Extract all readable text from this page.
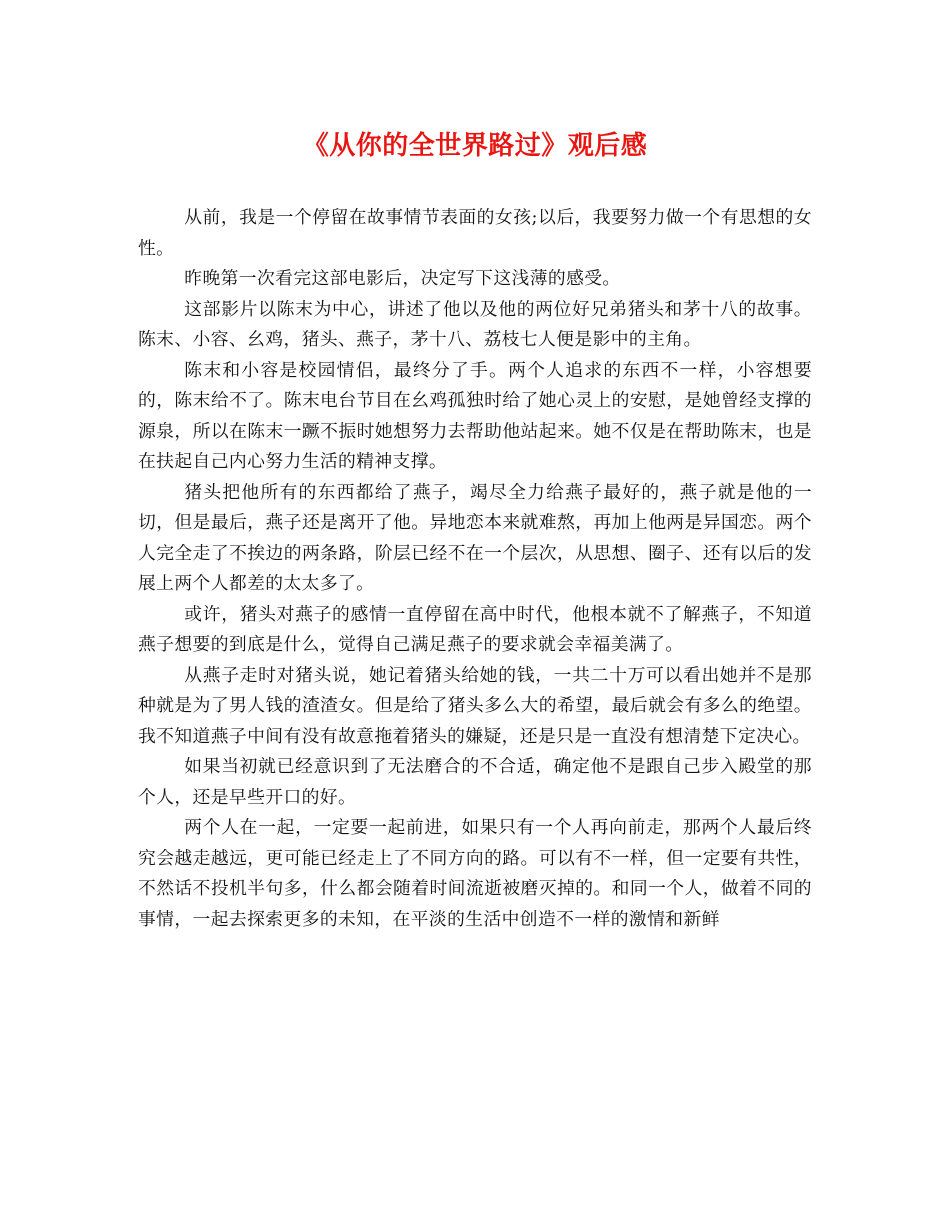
《从你的全世界路过》观后感

从前，我是一个停留在故事情节表面的女孩;以后，我要努力做一个有思想的女性。

昨晚第一次看完这部电影后，决定写下这浅薄的感受。

这部影片以陈末为中心，讲述了他以及他的两位好兄弟猪头和茅十八的故事。陈末、小容、幺鸡，猪头、燕子，茅十八、荔枝七人便是影中的主角。

陈末和小容是校园情侣，最终分了手。两个人追求的东西不一样，小容想要的，陈末给不了。陈末电台节目在幺鸡孤独时给了她心灵上的安慰，是她曾经支撑的源泉，所以在陈末一蹶不振时她想努力去帮助他站起来。她不仅是在帮助陈末，也是在扶起自己内心努力生活的精神支撑。

猪头把他所有的东西都给了燕子，竭尽全力给燕子最好的，燕子就是他的一切，但是最后，燕子还是离开了他。异地恋本来就难熬，再加上他两是异国恋。两个人完全走了不挨边的两条路，阶层已经不在一个层次，从思想、圈子、还有以后的发展上两个人都差的太太多了。

或许，猪头对燕子的感情一直停留在高中时代，他根本就不了解燕子，不知道燕子想要的到底是什么，觉得自己满足燕子的要求就会幸福美满了。

从燕子走时对猪头说，她记着猪头给她的钱，一共二十万可以看出她并不是那种就是为了男人钱的渣渣女。但是给了猪头多么大的希望，最后就会有多么的绝望。我不知道燕子中间有没有故意拖着猪头的嫌疑，还是只是一直没有想清楚下定决心。

如果当初就已经意识到了无法磨合的不合适，确定他不是跟自己步入殿堂的那个人，还是早些开口的好。

两个人在一起，一定要一起前进，如果只有一个人再向前走，那两个人最后终究会越走越远，更可能已经走上了不同方向的路。可以有不一样，但一定要有共性，不然话不投机半句多，什么都会随着时间流逝被磨灭掉的。和同一个人，做着不同的事情，一起去探索更多的未知，在平淡的生活中创造不一样的激情和新鲜
